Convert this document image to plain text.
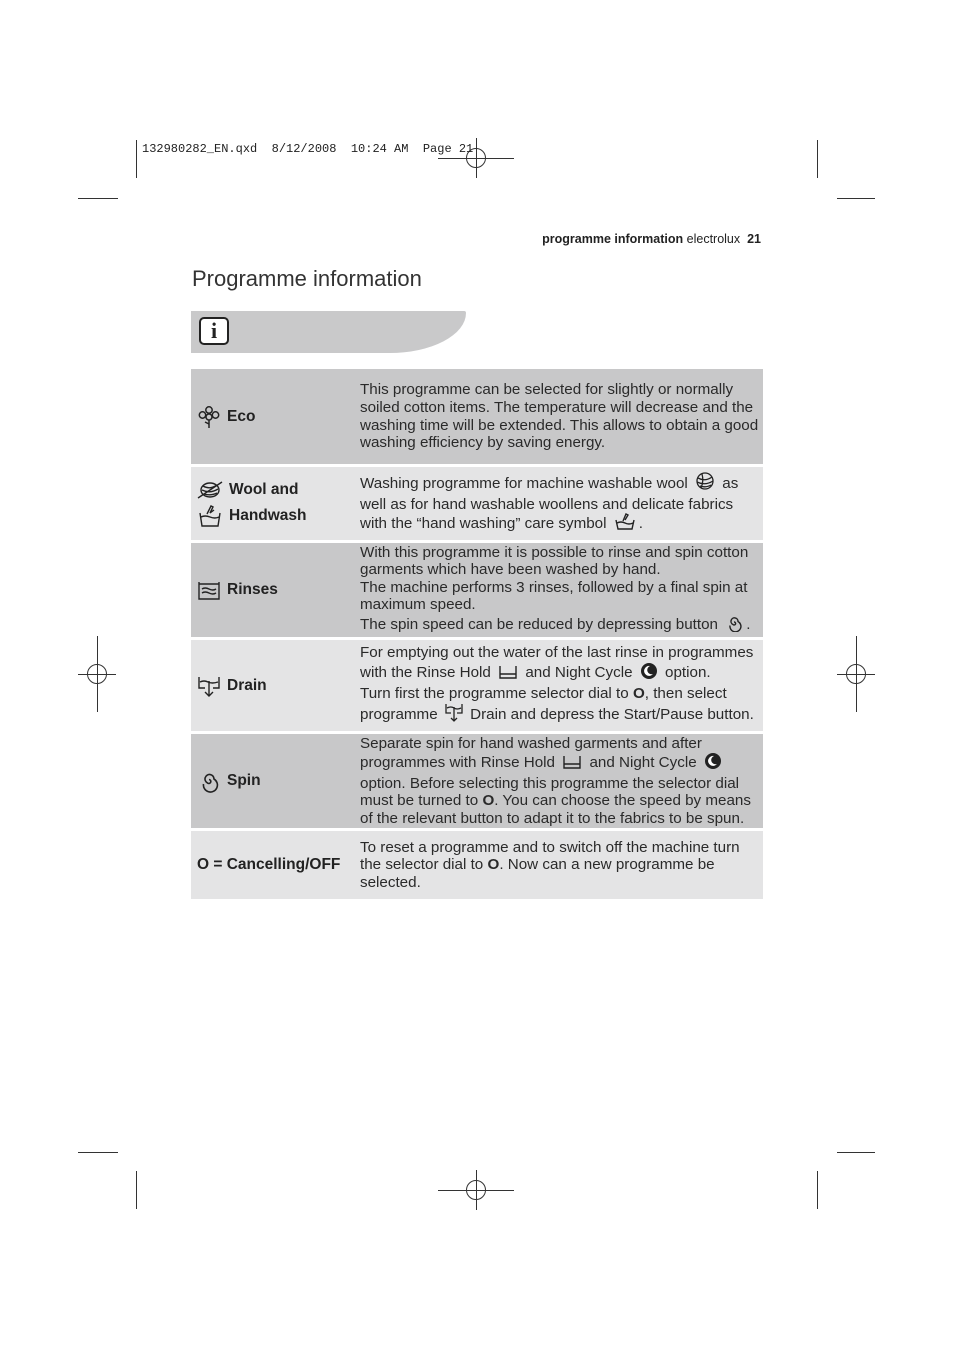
132980282_EN.qxd  8/12/2008  10:24 AM  Page 21
programme information electrolux 21
Programme information
i
Eco

This programme can be selected for slightly or normally soiled cotton items. The temperature will decrease and the washing time will be extended. This allows to obtain a good washing efficiency by saving energy.

Wool and
Handwash

Washing programme for machine washable wool as well as for hand washable woollens and delicate fabrics with the “hand washing” care symbol .

Rinses

With this programme it is possible to rinse and spin cotton garments which have been washed by hand.

The machine performs 3 rinses, followed by a final spin at maximum speed.

The spin speed can be reduced by depressing button .

Drain

For emptying out the water of the last rinse in programmes with the Rinse Hold and Night Cycle option.

Turn first the programme selector dial to O, then select programme Drain and depress the Start/Pause button.

Spin

Separate spin for hand washed garments and after programmes with Rinse Hold and Night Cycle  option. Before selecting this programme the selector dial must be turned to O. You can choose the speed by means of the relevant button to adapt it to the fabrics to be spun.

O = Cancelling/OFF

To reset a programme and to switch off the machine turn the selector dial to O. Now can a new programme be selected.
